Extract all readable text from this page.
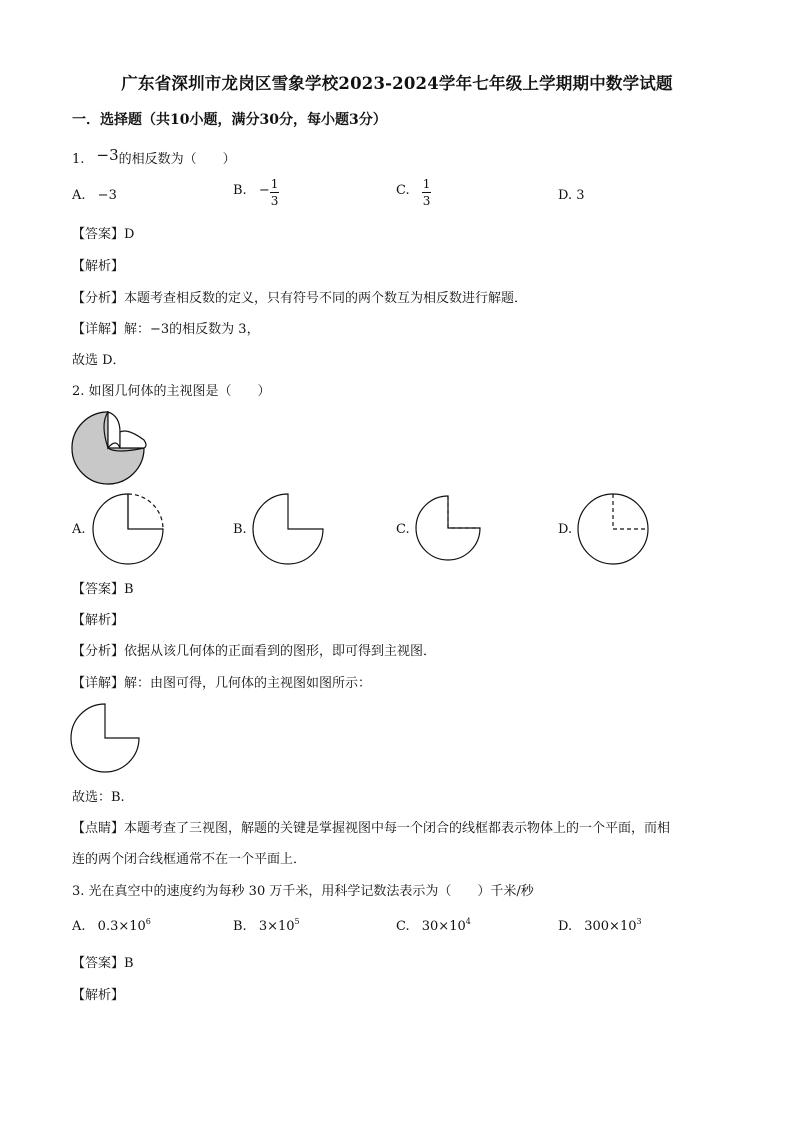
广东省深圳市龙岗区雪象学校2023-2024学年七年级上学期期中数学试题
一．选择题（共10小题，满分30分，每小题3分）
1. −3的相反数为（　　）
A. −3	B. − $\frac{1}{3}$	C. $\frac{1}{3}$	D. 3
【答案】D
【解析】
【分析】本题考查相反数的定义，只有符号不同的两个数互为相反数进行解题．
【详解】解：−3的相反数为 3，
故选 D．
2. 如图几何体的主视图是（　　）
A.	B.	C.	D.
【答案】B
【解析】
【分析】依据从该几何体的正面看到的图形，即可得到主视图．
【详解】解：由图可得，几何体的主视图如图所示：
故选：B.
【点睛】本题考查了三视图，解题的关键是掌握视图中每一个闭合的线框都表示物体上的一个平面，而相
连的两个闭合线框通常不在一个平面上．
3. 光在真空中的速度约为每秒 30 万千米，用科学记数法表示为（　　）千米/秒
A. $0.3\times 10^6$	B. $3\times 10^5$	C. $30\times 10^4$	D. $300\times 10^3$
【答案】B
【解析】
